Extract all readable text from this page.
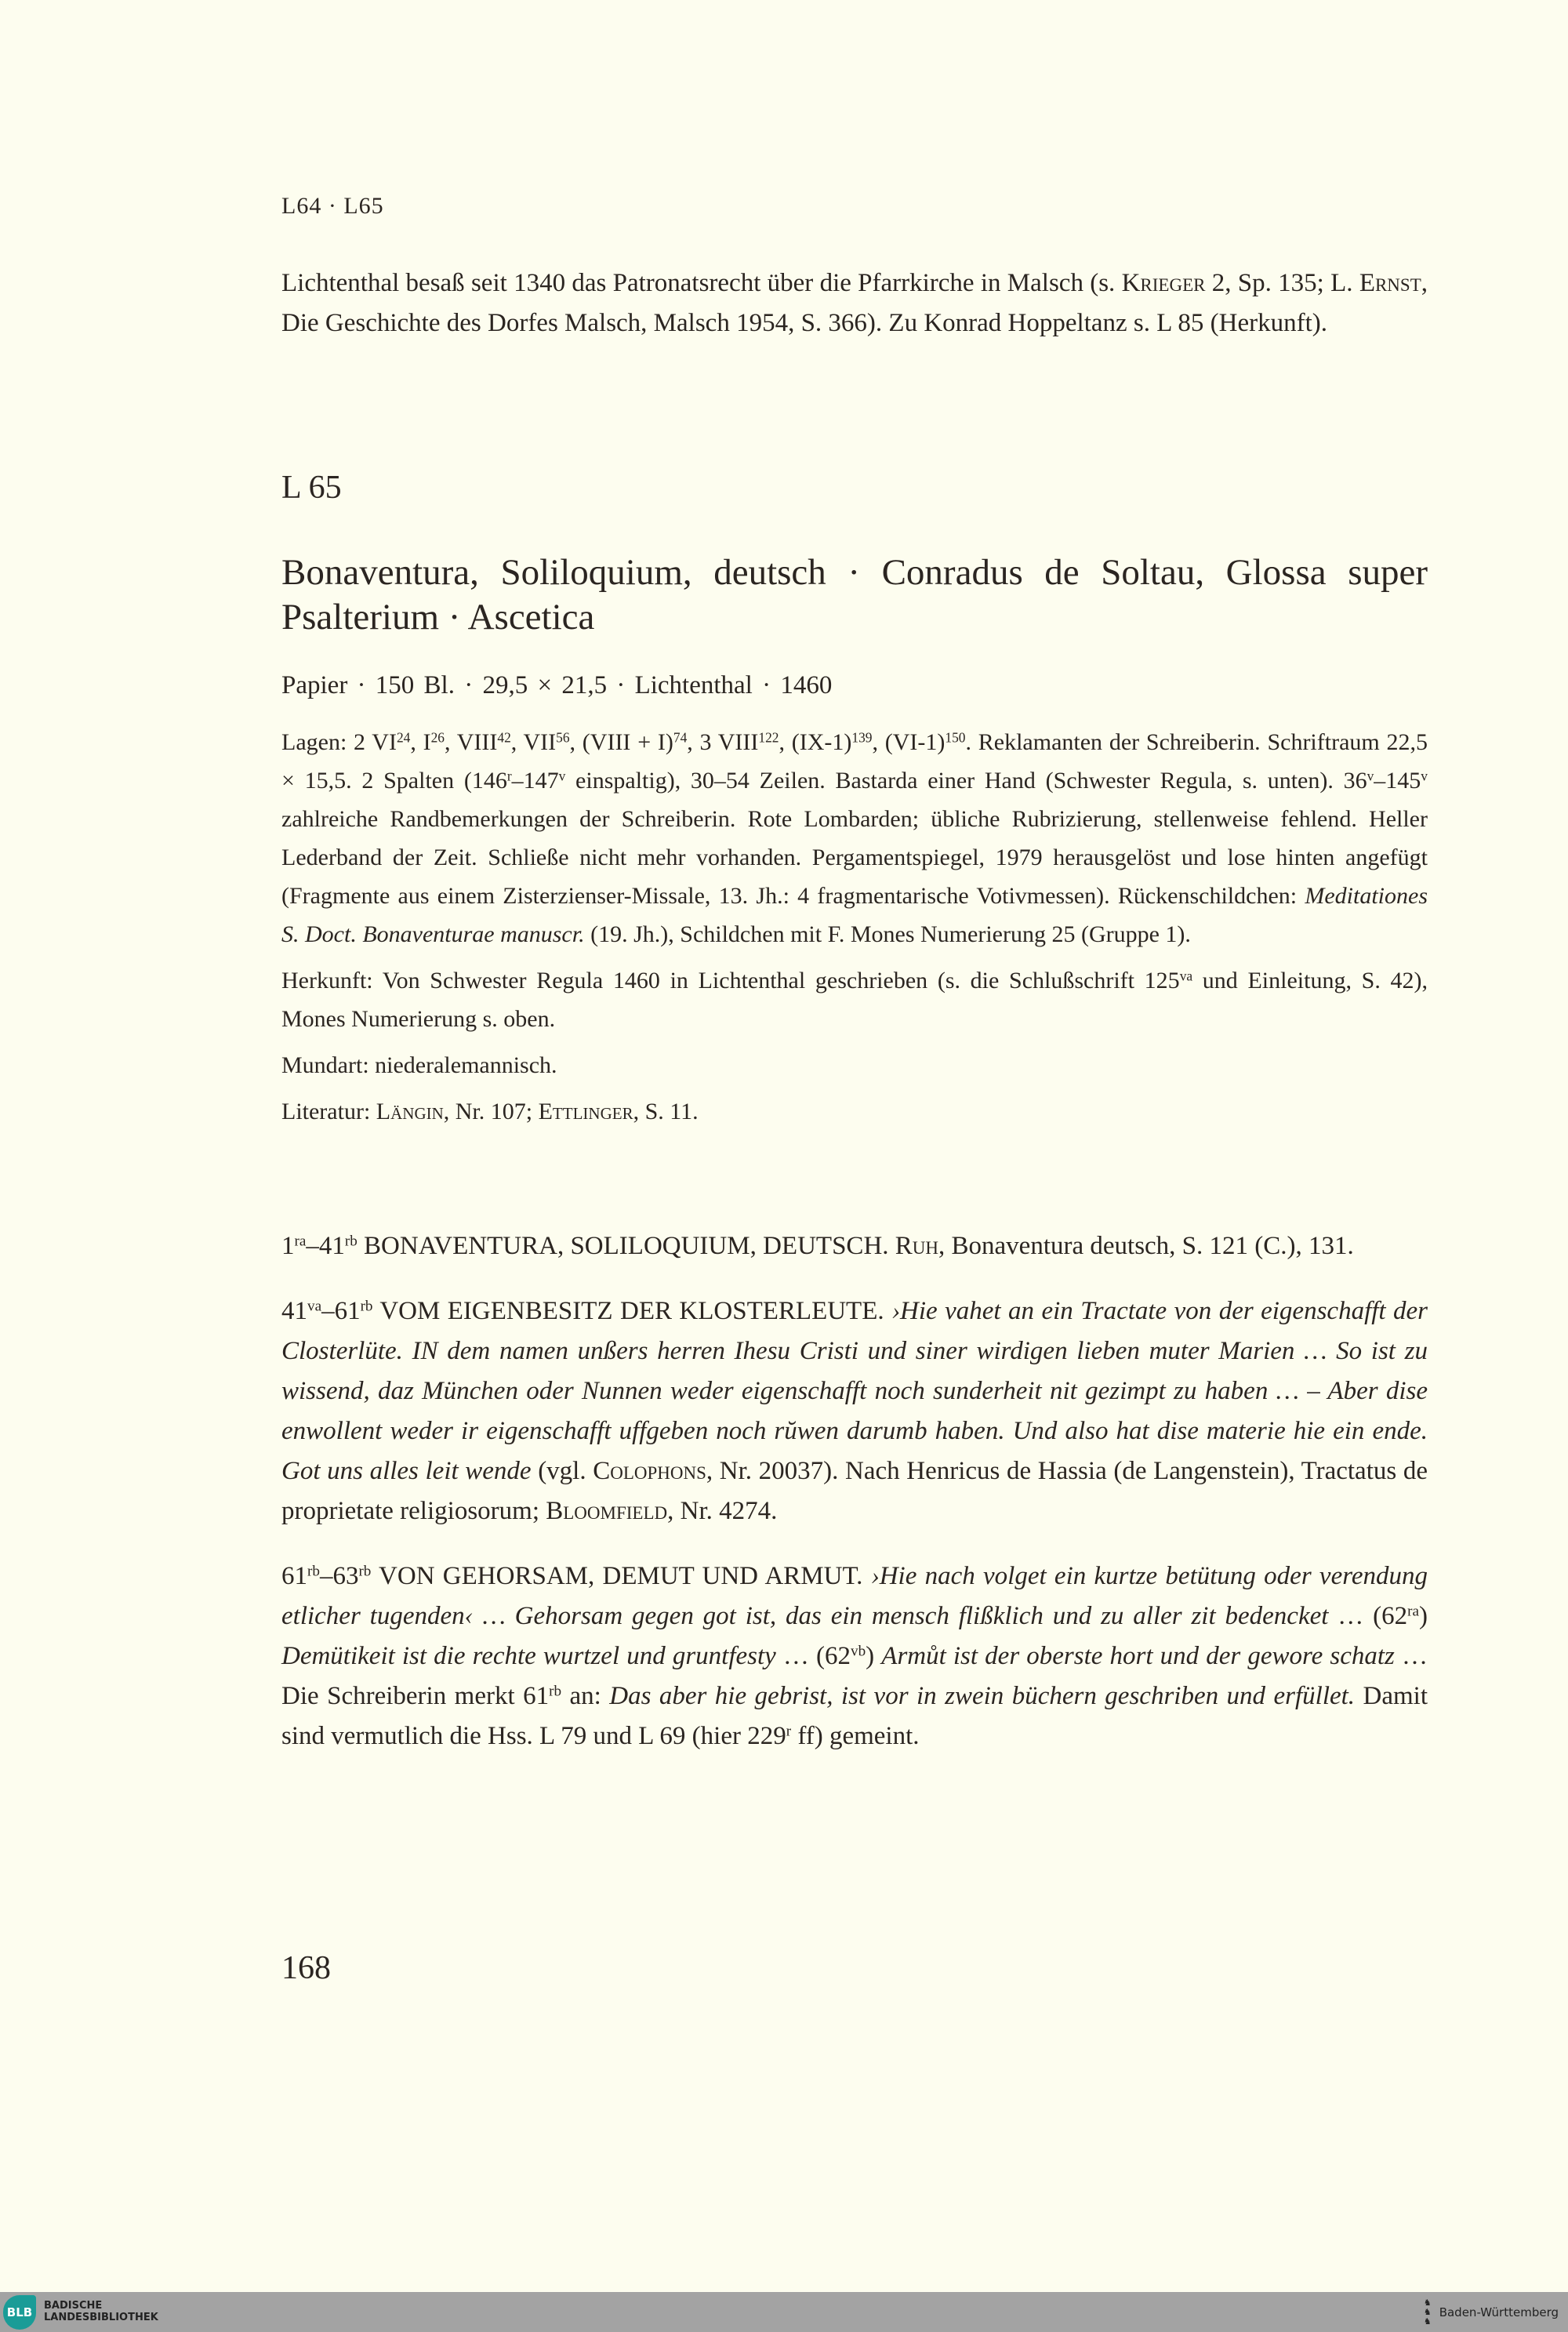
L64 · L65
Lichtenthal besaß seit 1340 das Patronatsrecht über die Pfarrkirche in Malsch (s. Krieger 2, Sp. 135; L. Ernst, Die Geschichte des Dorfes Malsch, Malsch 1954, S. 366). Zu Konrad Hoppeltanz s. L 85 (Herkunft).
L 65
Bonaventura, Soliloquium, deutsch · Conradus de Soltau, Glossa super Psalterium · Ascetica
Papier · 150 Bl. · 29,5 × 21,5 · Lichtenthal · 1460

Lagen: 2 VI$^{24}$, $I^{26}$, VIII$^{42}$, VII$^{56}$, (VIII + I)$^{74}$, 3 VIII$^{122}$, $(IX-1)^{139}$, $(VI-1)^{150}$. Reklamanten der Schreiberin. Schriftraum 22,5 × 15,5. 2 Spalten (146$^r$–147$^v$ einspaltig), 30–54 Zeilen. Bastarda einer Hand (Schwester Regula, s. unten). 36$^v$–145$^v$ zahlreiche Randbemerkungen der Schreiberin. Rote Lombarden; übliche Rubrizierung, stellenweise fehlend. Heller Lederband der Zeit. Schließe nicht mehr vorhanden. Pergamentspiegel, 1979 herausgelöst und lose hinten angefügt (Fragmente aus einem Zisterzienser-Missale, 13. Jh.: 4 fragmentarische Votivmessen). Rückenschildchen: Meditationes S. Doct. Bonaventurae manuscr. (19. Jh.), Schildchen mit F. Mones Numerierung 25 (Gruppe 1).

Herkunft: Von Schwester Regula 1460 in Lichtenthal geschrieben (s. die Schlußschrift $125^{va}$ und Einleitung, S. 42), Mones Numerierung s. oben.

Mundart: niederalemannisch.

Literatur: Längin, Nr. 107; Ettlinger, S. 11.

$1^{ra}-41^{rb}$ BONAVENTURA, SOLILOQUIUM, DEUTSCH. Ruh, Bonaventura deutsch, S. 121 (C.), 131.

$41^{va}-61^{rb}$ VOM EIGENBESITZ DER KLOSTERLEUTE. ›Hie vahet an ein Tractate von der eigenschafft der Closterlüte. IN dem namen unßers herren Ihesu Cristi und siner wirdigen lieben muter Marien … So ist zu wissend, daz München oder Nunnen weder eigenschafft noch sunderheit nit gezimpt zu haben … – Aber dise enwollent weder ir eigenschafft uffgeben noch rŭwen darumb haben. Und also hat dise materie hie ein ende. Got uns alles leit wende (vgl. Colophons, Nr. 20037). Nach Henricus de Hassia (de Langenstein), Tractatus de proprietate religiosorum; Bloomfield, Nr. 4274.

$61^{rb}-63^{rb}$ VON GEHORSAM, DEMUT UND ARMUT. ›Hie nach volget ein kurtze betütung oder verendung etlicher tugenden‹ … Gehorsam gegen got ist, das ein mensch flißklich und zu aller zit bedencket … $(62^{ra})$ Demütikeit ist die rechte wurtzel und gruntfesty … $(62^{vb})$ Armůt ist der oberste hort und der gewore schatz … Die Schreiberin merkt $61^{rb}$ an: Das aber hie gebrist, ist vor in zwein büchern geschriben und erfüllet. Damit sind vermutlich die Hss. L 79 und L 69 (hier 229$^r$ ff) gemeint.

168
BLB	BADISCHE
LANDESBIBLIOTHEK
♞
♞
♞
Baden-Württemberg
